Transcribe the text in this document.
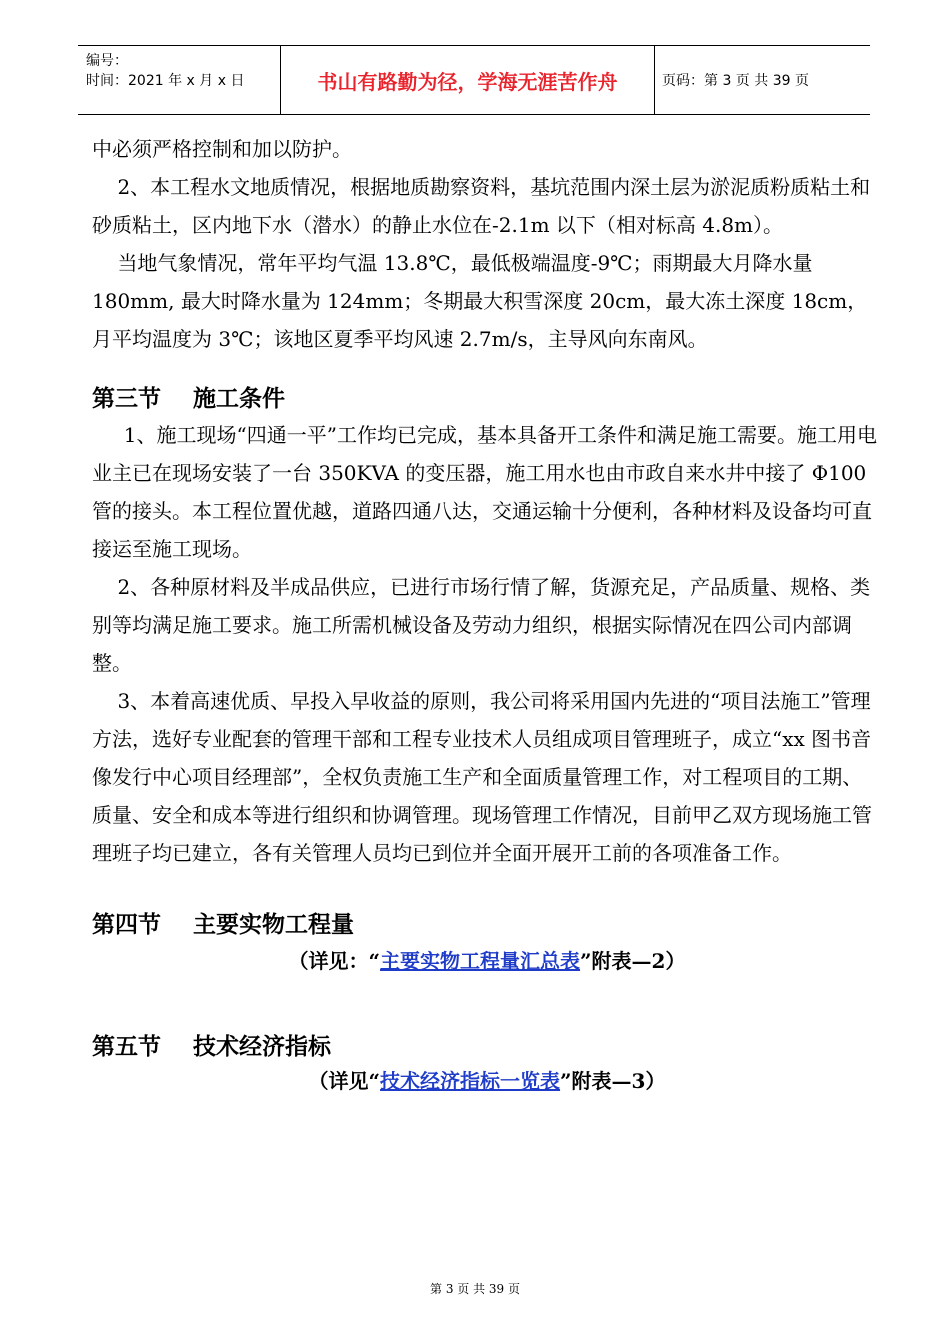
编号：
时间：2021 年 x 月 x 日	书山有路勤为径，学海无涯苦作舟	页码：第 3 页 共 39 页

中必须严格控制和加以防护。

2、本工程水文地质情况，根据地质勘察资料，基坑范围内深土层为淤泥质粉质粘土和砂质粘土，区内地下水（潜水）的静止水位在-2.1m 以下（相对标高 4.8m）。

当地气象情况，常年平均气温 13.8℃，最低极端温度-9℃；雨期最大月降水量 180mm, 最大时降水量为 124mm；冬期最大积雪深度 20cm，最大冻土深度 18cm，月平均温度为 3℃；该地区夏季平均风速 2.7m/s，主导风向东南风。

第三节    施工条件

1、施工现场“四通一平”工作均已完成，基本具备开工条件和满足施工需要。施工用电业主已在现场安装了一台 350KVA 的变压器，施工用水也由市政自来水井中接了 Φ100 管的接头。本工程位置优越，道路四通八达，交通运输十分便利，各种材料及设备均可直接运至施工现场。

2、各种原材料及半成品供应，已进行市场行情了解，货源充足，产品质量、规格、类别等均满足施工要求。施工所需机械设备及劳动力组织，根据实际情况在四公司内部调整。

3、本着高速优质、早投入早收益的原则，我公司将采用国内先进的“项目法施工”管理方法，选好专业配套的管理干部和工程专业技术人员组成项目管理班子，成立“xx 图书音像发行中心项目经理部”，全权负责施工生产和全面质量管理工作，对工程项目的工期、质量、安全和成本等进行组织和协调管理。现场管理工作情况，目前甲乙双方现场施工管理班子均已建立，各有关管理人员均已到位并全面开展开工前的各项准备工作。

第四节    主要实物工程量

（详见：“主要实物工程量汇总表”附表—2）

第五节    技术经济指标

（详见“技术经济指标一览表”附表—3）

第 3 页 共 39 页
